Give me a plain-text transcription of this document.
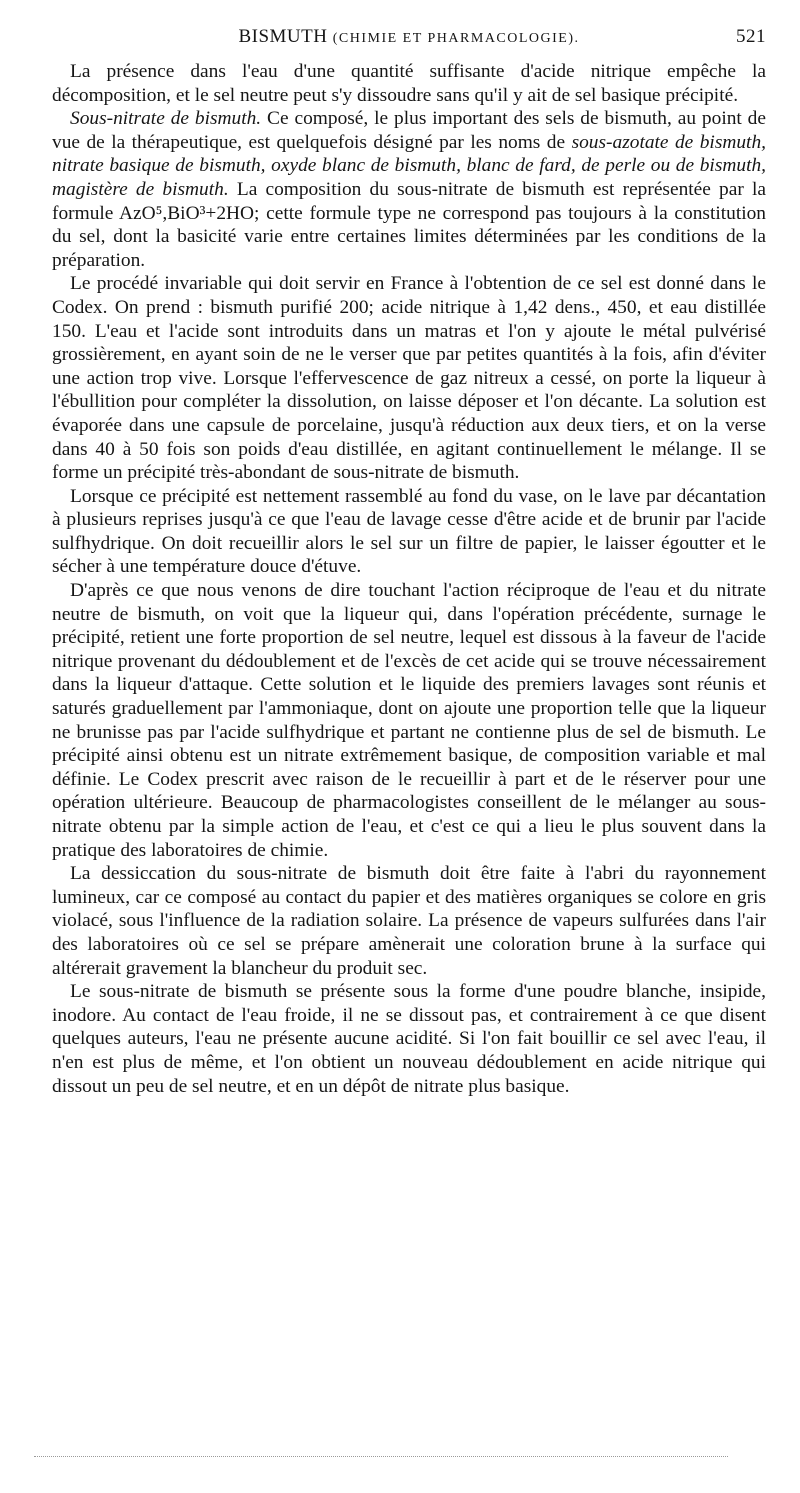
BISMUTH (CHIMIE ET PHARMACOLOGIE).	521

La présence dans l'eau d'une quantité suffisante d'acide nitrique empêche la décomposition, et le sel neutre peut s'y dissoudre sans qu'il y ait de sel basique précipité.

Sous-nitrate de bismuth. Ce composé, le plus important des sels de bismuth, au point de vue de la thérapeutique, est quelquefois désigné par les noms de sous-azotate de bismuth, nitrate basique de bismuth, oxyde blanc de bismuth, blanc de fard, de perle ou de bismuth, magistère de bismuth. La composition du sous-nitrate de bismuth est représentée par la formule AzO⁵,BiO³+2HO; cette formule type ne correspond pas toujours à la constitution du sel, dont la basicité varie entre certaines limites déterminées par les conditions de la préparation.

Le procédé invariable qui doit servir en France à l'obtention de ce sel est donné dans le Codex. On prend : bismuth purifié 200; acide nitrique à 1,42 dens., 450, et eau distillée 150. L'eau et l'acide sont introduits dans un matras et l'on y ajoute le métal pulvérisé grossièrement, en ayant soin de ne le verser que par petites quantités à la fois, afin d'éviter une action trop vive. Lorsque l'effervescence de gaz nitreux a cessé, on porte la liqueur à l'ébullition pour compléter la dissolution, on laisse déposer et l'on décante. La solution est évaporée dans une capsule de porcelaine, jusqu'à réduction aux deux tiers, et on la verse dans 40 à 50 fois son poids d'eau distillée, en agitant continuellement le mélange. Il se forme un précipité très-abondant de sous-nitrate de bismuth.

Lorsque ce précipité est nettement rassemblé au fond du vase, on le lave par décantation à plusieurs reprises jusqu'à ce que l'eau de lavage cesse d'être acide et de brunir par l'acide sulfhydrique. On doit recueillir alors le sel sur un filtre de papier, le laisser égoutter et le sécher à une température douce d'étuve.

D'après ce que nous venons de dire touchant l'action réciproque de l'eau et du nitrate neutre de bismuth, on voit que la liqueur qui, dans l'opération précédente, surnage le précipité, retient une forte proportion de sel neutre, lequel est dissous à la faveur de l'acide nitrique provenant du dédoublement et de l'excès de cet acide qui se trouve nécessairement dans la liqueur d'attaque. Cette solution et le liquide des premiers lavages sont réunis et saturés graduellement par l'ammoniaque, dont on ajoute une proportion telle que la liqueur ne brunisse pas par l'acide sulfhydrique et partant ne contienne plus de sel de bismuth. Le précipité ainsi obtenu est un nitrate extrêmement basique, de composition variable et mal définie. Le Codex prescrit avec raison de le recueillir à part et de le réserver pour une opération ultérieure. Beaucoup de pharmacologistes conseillent de le mélanger au sous-nitrate obtenu par la simple action de l'eau, et c'est ce qui a lieu le plus souvent dans la pratique des laboratoires de chimie.

La dessiccation du sous-nitrate de bismuth doit être faite à l'abri du rayonnement lumineux, car ce composé au contact du papier et des matières organiques se colore en gris violacé, sous l'influence de la radiation solaire. La présence de vapeurs sulfurées dans l'air des laboratoires où ce sel se prépare amènerait une coloration brune à la surface qui altérerait gravement la blancheur du produit sec.

Le sous-nitrate de bismuth se présente sous la forme d'une poudre blanche, insipide, inodore. Au contact de l'eau froide, il ne se dissout pas, et contrairement à ce que disent quelques auteurs, l'eau ne présente aucune acidité. Si l'on fait bouillir ce sel avec l'eau, il n'en est plus de même, et l'on obtient un nouveau dédoublement en acide nitrique qui dissout un peu de sel neutre, et en un dépôt de nitrate plus basique.
